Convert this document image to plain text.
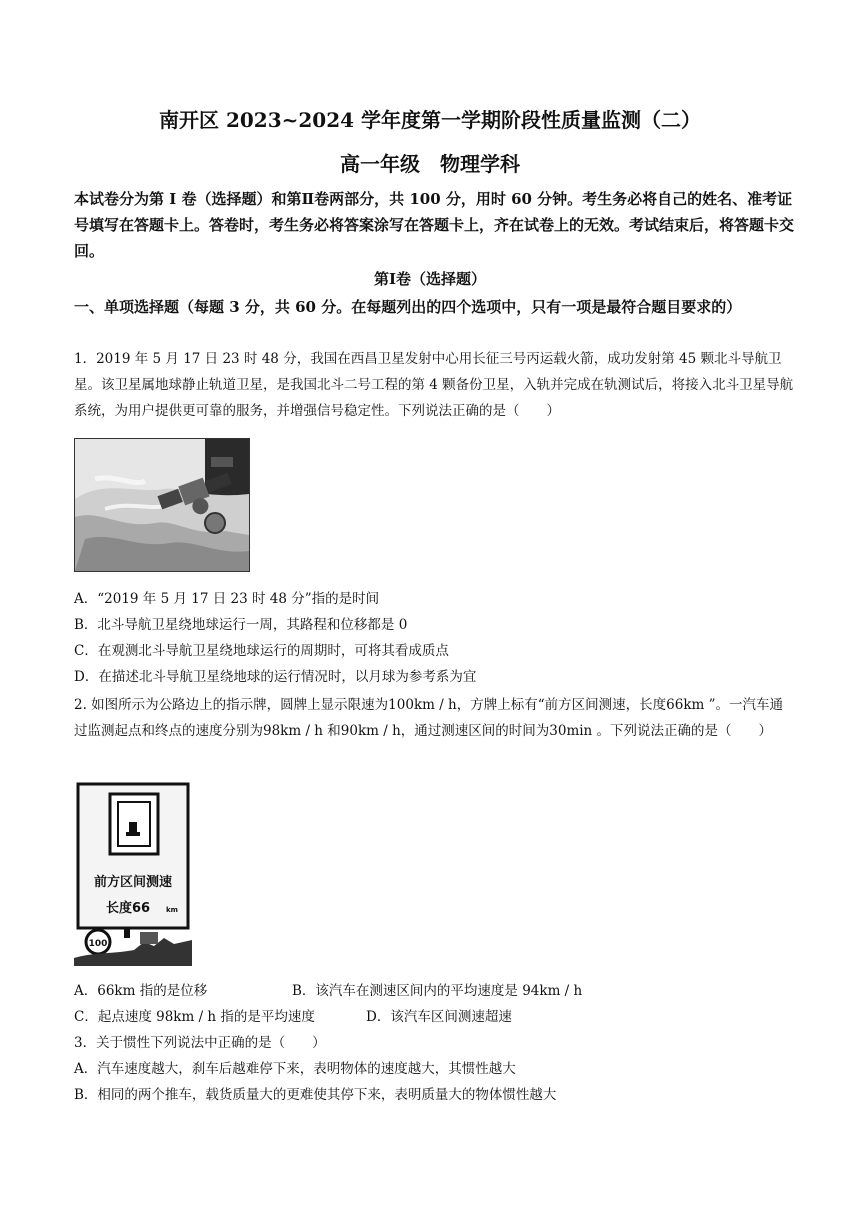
南开区 2023~2024 学年度第一学期阶段性质量监测（二）
高一年级　物理学科
本试卷分为第 I 卷（选择题）和第Ⅱ卷两部分，共 100 分，用时 60 分钟。考生务必将自己的姓名、准考证号填写在答题卡上。答卷时，考生务必将答案涂写在答题卡上，齐在试卷上的无效。考试结束后，将答题卡交回。
第Ⅰ卷（选择题）
一、单项选择题（每题 3 分，共 60 分。在每题列出的四个选项中，只有一项是最符合题目要求的）
1．2019 年 5 月 17 日 23 时 48 分，我国在西昌卫星发射中心用长征三号丙运载火箭，成功发射第 45 颗北斗导航卫星。该卫星属地球静止轨道卫星，是我国北斗二号工程的第 4 颗备份卫星，入轨并完成在轨测试后，将接入北斗卫星导航系统，为用户提供更可靠的服务，并增强信号稳定性。下列说法正确的是（　　）
A．“2019 年 5 月 17 日 23 时 48 分”指的是时间
B．北斗导航卫星绕地球运行一周，其路程和位移都是 0
C．在观测北斗导航卫星绕地球运行的周期时，可将其看成质点
D．在描述北斗导航卫星绕地球的运行情况时，以月球为参考系为宜
2. 如图所示为公路边上的指示牌，圆牌上显示限速为100km / h，方牌上标有“前方区间测速，长度66km ”。一汽车通过监测起点和终点的速度分别为98km / h 和90km / h，通过测速区间的时间为30min 。下列说法正确的是（　　）
前方区间测速
长度66 km
100
A．66km 指的是位移	B．该汽车在测速区间内的平均速度是 94km / h
C．起点速度 98km / h 指的是平均速度	D．该汽车区间测速超速
3．关于惯性下列说法中正确的是（　　）
A．汽车速度越大，刹车后越难停下来，表明物体的速度越大，其惯性越大
B．相同的两个推车，载货质量大的更难使其停下来，表明质量大的物体惯性越大
